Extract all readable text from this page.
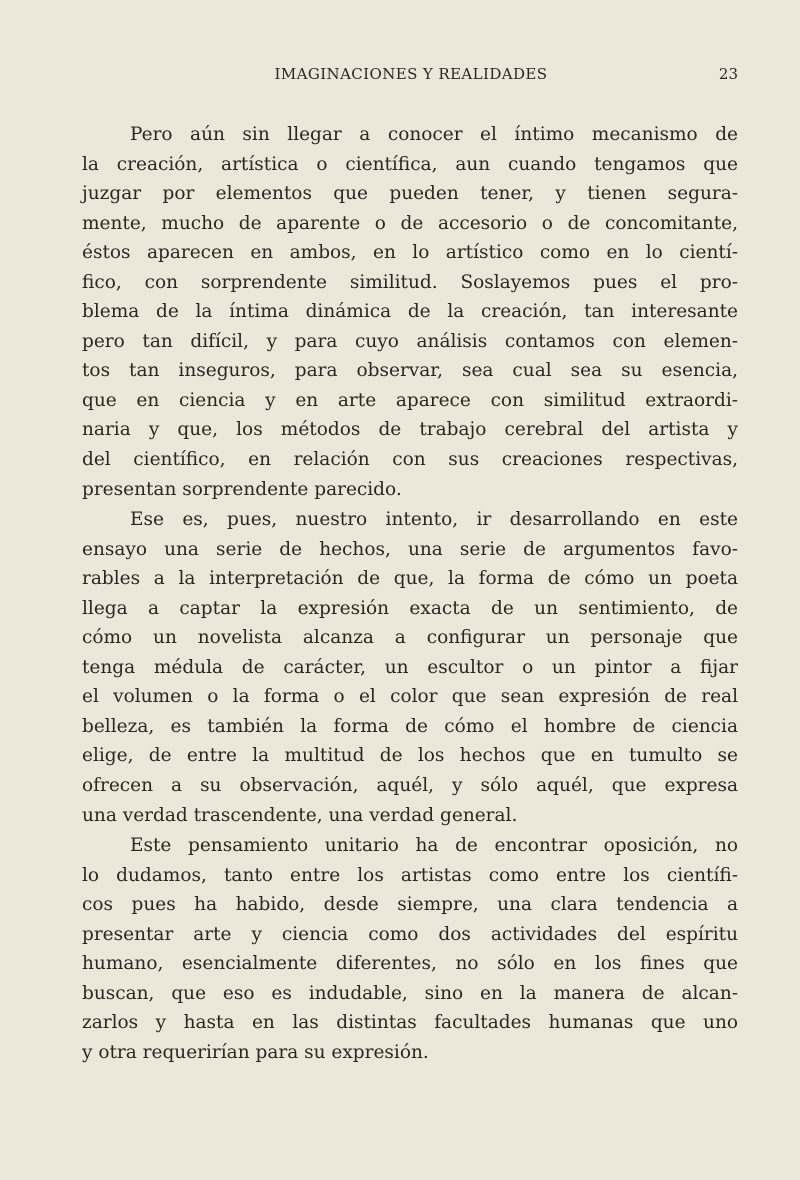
IMAGINACIONES Y REALIDADES	23
Pero aún sin llegar a conocer el íntimo mecanismo de
la creación, artística o científica, aun cuando tengamos que
juzgar por elementos que pueden tener, y tienen segura-
mente, mucho de aparente o de accesorio o de concomitante,
éstos aparecen en ambos, en lo artístico como en lo cientí-
fico, con sorprendente similitud. Soslayemos pues el pro-
blema de la íntima dinámica de la creación, tan interesante
pero tan difícil, y para cuyo análisis contamos con elemen-
tos tan inseguros, para observar, sea cual sea su esencia,
que en ciencia y en arte aparece con similitud extraordi-
naria y que, los métodos de trabajo cerebral del artista y
del científico, en relación con sus creaciones respectivas,
presentan sorprendente parecido.
Ese es, pues, nuestro intento, ir desarrollando en este
ensayo una serie de hechos, una serie de argumentos favo-
rables a la interpretación de que, la forma de cómo un poeta
llega a captar la expresión exacta de un sentimiento, de
cómo un novelista alcanza a configurar un personaje que
tenga médula de carácter, un escultor o un pintor a fijar
el volumen o la forma o el color que sean expresión de real
belleza, es también la forma de cómo el hombre de ciencia
elige, de entre la multitud de los hechos que en tumulto se
ofrecen a su observación, aquél, y sólo aquél, que expresa
una verdad trascendente, una verdad general.
Este pensamiento unitario ha de encontrar oposición, no
lo dudamos, tanto entre los artistas como entre los científi-
cos pues ha habido, desde siempre, una clara tendencia a
presentar arte y ciencia como dos actividades del espíritu
humano, esencialmente diferentes, no sólo en los fines que
buscan, que eso es indudable, sino en la manera de alcan-
zarlos y hasta en las distintas facultades humanas que uno
y otra requerirían para su expresión.
